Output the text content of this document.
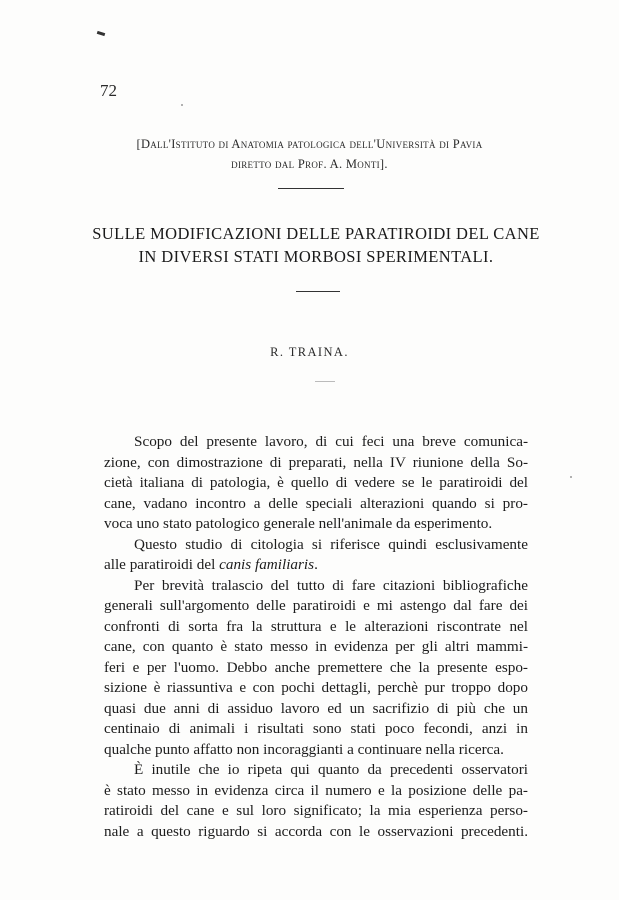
72
[Dall'Istituto di Anatomia patologica dell'Università di Pavia
diretto dal Prof. A. Monti].
SULLE MODIFICAZIONI DELLE PARATIROIDI DEL CANE
IN DIVERSI STATI MORBOSI SPERIMENTALI.
R. TRAINA.
Scopo del presente lavoro, di cui feci una breve comunica-
zione, con dimostrazione di preparati, nella IV riunione della So-
cietà italiana di patologia, è quello di vedere se le paratiroidi del
cane, vadano incontro a delle speciali alterazioni quando si pro-
voca uno stato patologico generale nell'animale da esperimento.
Questo studio di citologia si riferisce quindi esclusivamente
alle paratiroidi del canis familiaris.
Per brevità tralascio del tutto di fare citazioni bibliografiche
generali sull'argomento delle paratiroidi e mi astengo dal fare dei
confronti di sorta fra la struttura e le alterazioni riscontrate nel
cane, con quanto è stato messo in evidenza per gli altri mammi-
feri e per l'uomo. Debbo anche premettere che la presente espo-
sizione è riassuntiva e con pochi dettagli, perchè pur troppo dopo
quasi due anni di assiduo lavoro ed un sacrifizio di più che un
centinaio di animali i risultati sono stati poco fecondi, anzi in
qualche punto affatto non incoraggianti a continuare nella ricerca.
È inutile che io ripeta qui quanto da precedenti osservatori
è stato messo in evidenza circa il numero e la posizione delle pa-
ratiroidi del cane e sul loro significato; la mia esperienza perso-
nale a questo riguardo si accorda con le osservazioni precedenti.
